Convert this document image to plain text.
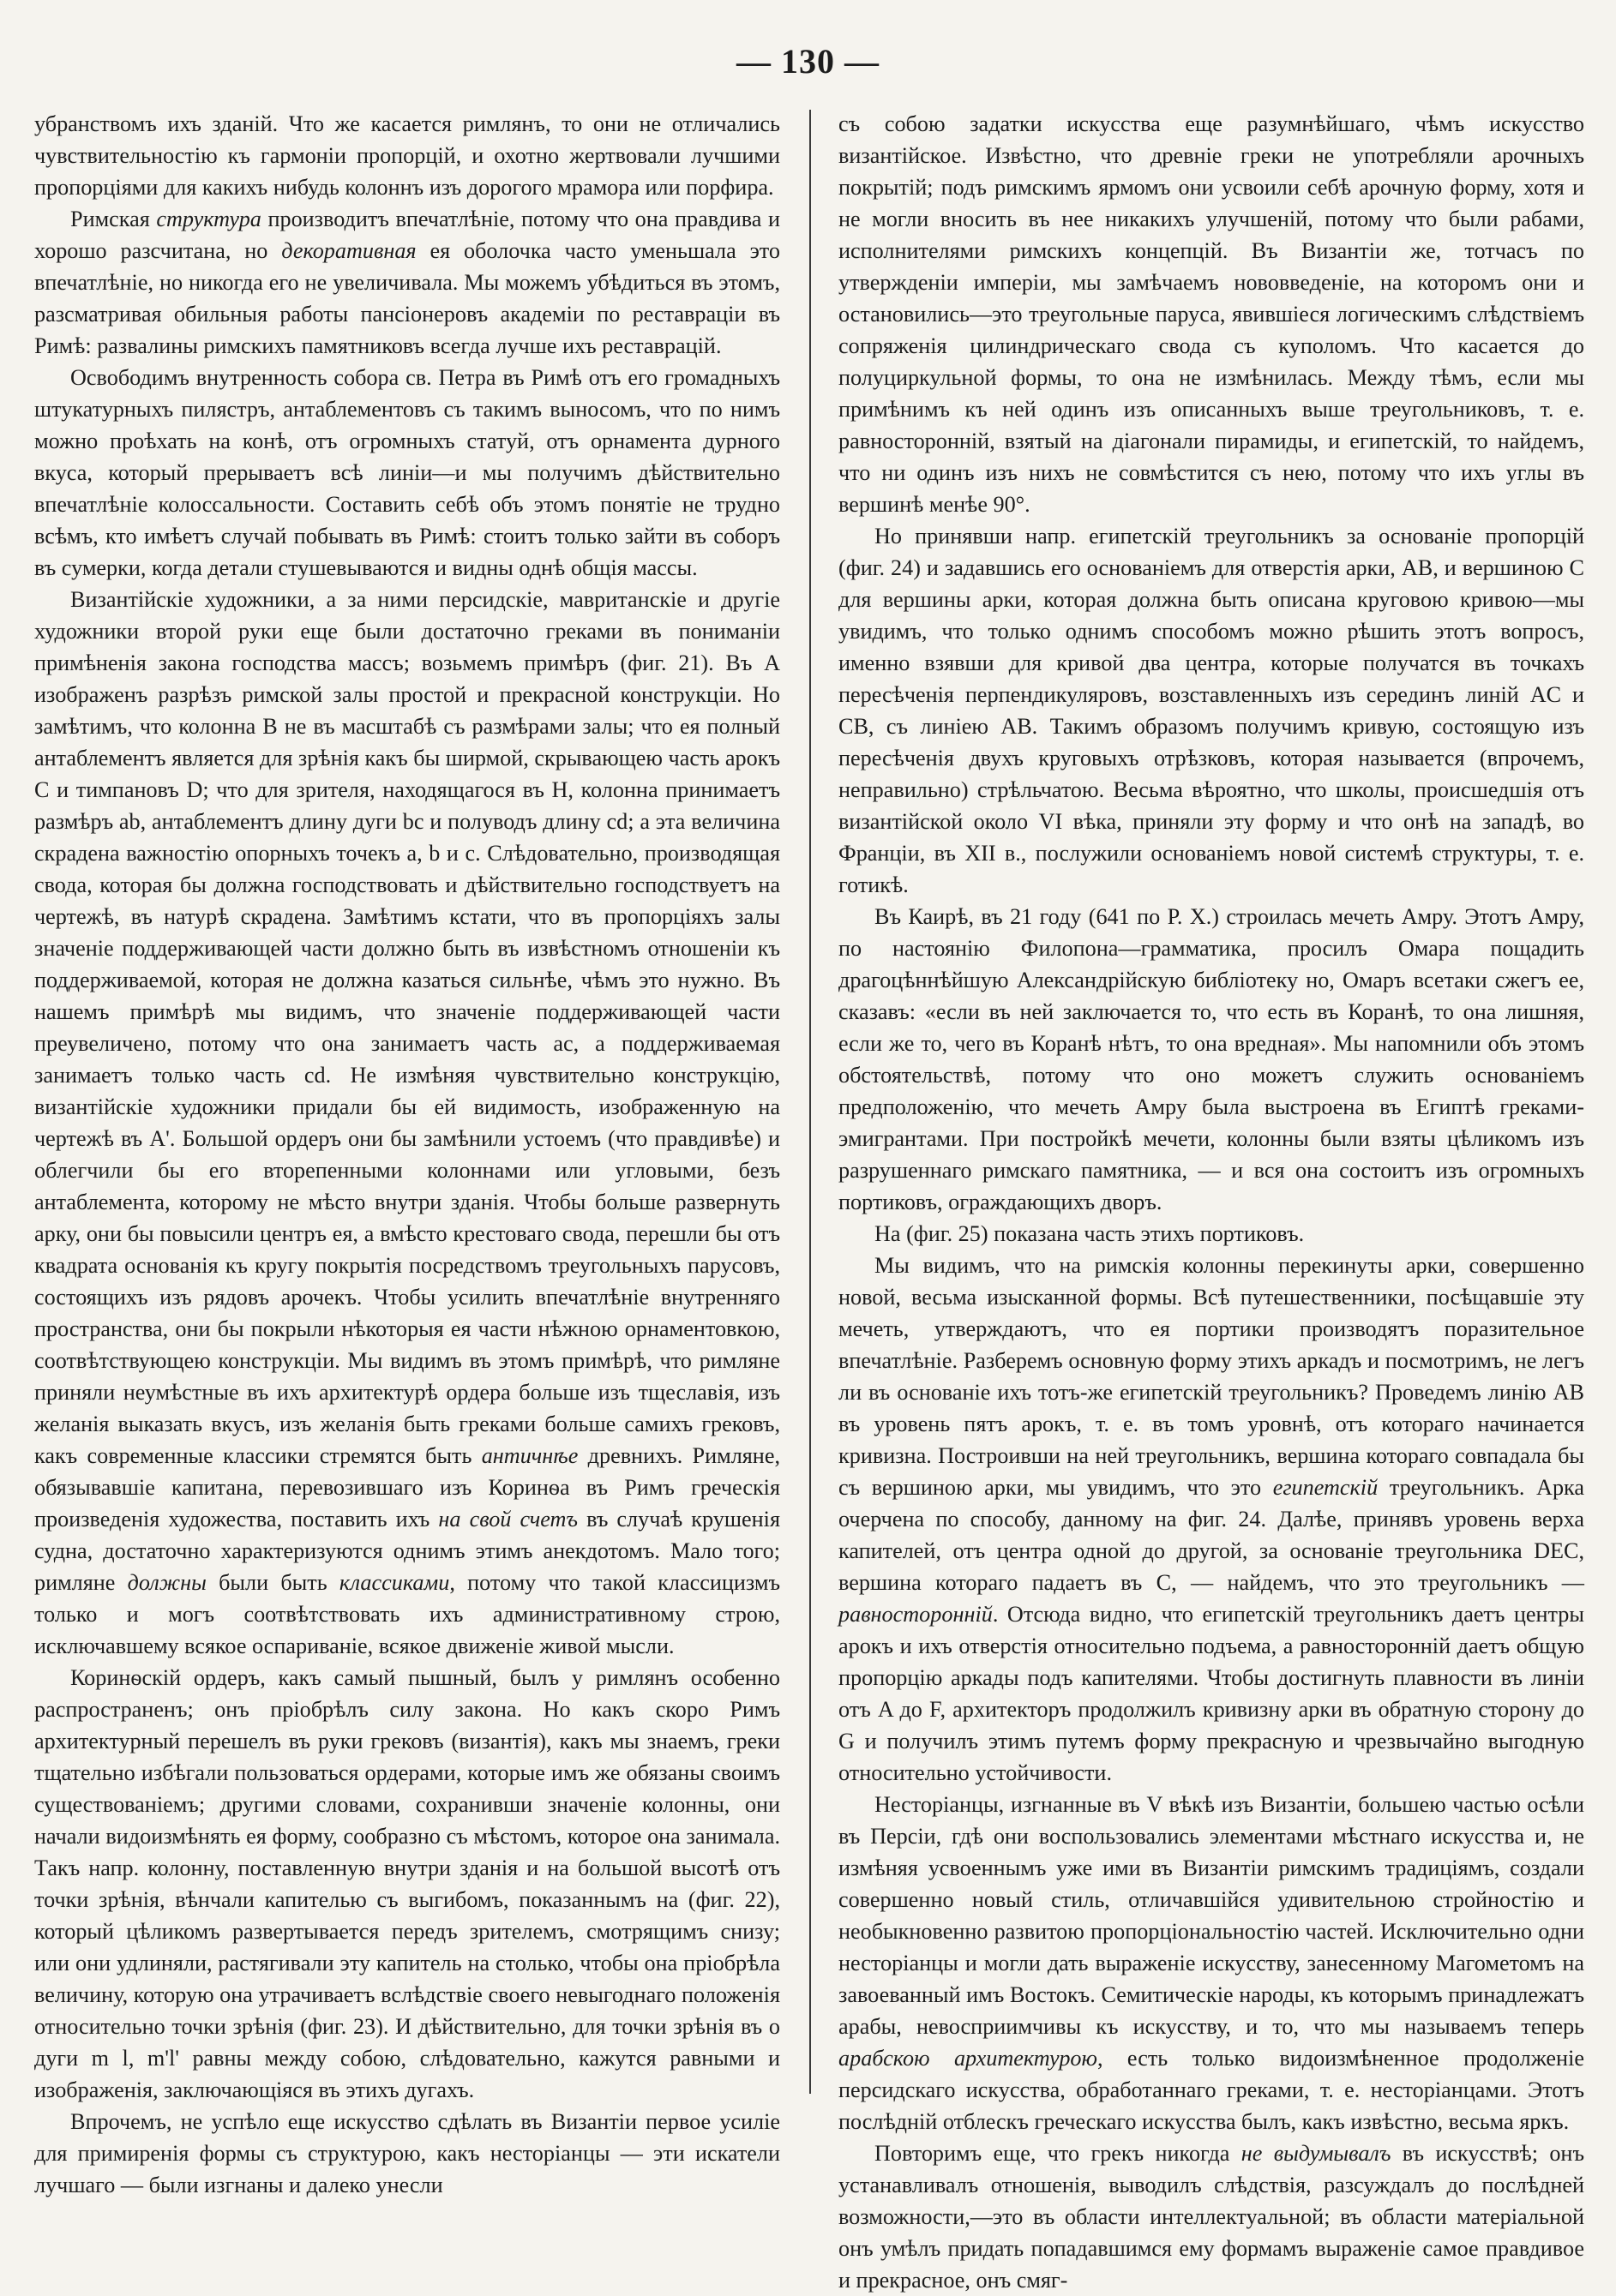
— 130 —

убранствомъ ихъ зданій. Что же касается римлянъ, то они не отличались чувствительностію къ гармоніи пропорцій, и охотно жертвовали лучшими пропорціями для какихъ нибудь колоннъ изъ дорогого мрамора или порфира.

Римская структура производитъ впечатлѣніе, потому что она правдива и хорошо разсчитана, но декоративная ея оболочка часто уменьшала это впечатлѣніе, но никогда его не увеличивала. Мы можемъ убѣдиться въ этомъ, разсматривая обильныя работы пансіонеровъ академіи по реставраціи въ Римѣ: развалины римскихъ памятниковъ всегда лучше ихъ реставрацій.

Освободимъ внутренность собора св. Петра въ Римѣ отъ его громадныхъ штукатурныхъ пилястръ, антаблементовъ съ такимъ выносомъ, что по нимъ можно проѣхать на конѣ, отъ огромныхъ статуй, отъ орнамента дурного вкуса, который прерываетъ всѣ линіи—и мы получимъ дѣйствительно впечатлѣніе колоссальности. Составить себѣ объ этомъ понятіе не трудно всѣмъ, кто имѣетъ случай побывать въ Римѣ: стоитъ только зайти въ соборъ въ сумерки, когда детали стушевываются и видны однѣ общія массы.

Византійскіе художники, а за ними персидскіе, мавританскіе и другіе художники второй руки еще были достаточно греками въ пониманіи примѣненія закона господства массъ; возьмемъ примѣръ (фиг. 21). Въ A изображенъ разрѣзъ римской залы простой и прекрасной конструкціи. Но замѣтимъ, что колонна B не въ масштабѣ съ размѣрами залы; что ея полный антаблементъ является для зрѣнія какъ бы ширмой, скрывающею часть арокъ C и тимпановъ D; что для зрителя, находящагося въ H, колонна принимаетъ размѣръ ab, антаблементъ длину дуги bc и полуводъ длину cd; а эта величина скрадена важностію опорныхъ точекъ a, b и c. Слѣдовательно, производящая свода, которая бы должна господствовать и дѣйствительно господствуетъ на чертежѣ, въ натурѣ скрадена. Замѣтимъ кстати, что въ пропорціяхъ залы значеніе поддерживающей части должно быть въ извѣстномъ отношеніи къ поддерживаемой, которая не должна казаться сильнѣе, чѣмъ это нужно. Въ нашемъ примѣрѣ мы видимъ, что значеніе поддерживающей части преувеличено, потому что она занимаетъ часть ac, а поддерживаемая занимаетъ только часть cd. Не измѣняя чувствительно конструкцію, византійскіе художники придали бы ей видимость, изображенную на чертежѣ въ A'. Большой ордеръ они бы замѣнили устоемъ (что правдивѣе) и облегчили бы его вторепенными колоннами или угловыми, безъ антаблемента, которому не мѣсто внутри зданія. Чтобы больше развернуть арку, они бы повысили центръ ея, а вмѣсто крестоваго свода, перешли бы отъ квадрата основанія къ кругу покрытія посредствомъ треугольныхъ парусовъ, состоящихъ изъ рядовъ арочекъ. Чтобы усилить впечатлѣніе внутренняго пространства, они бы покрыли нѣкоторыя ея части нѣжною орнаментовкою, соотвѣтствующею конструкціи. Мы видимъ въ этомъ примѣрѣ, что римляне приняли неумѣстные въ ихъ архитектурѣ ордера больше изъ тщеславія, изъ желанія выказать вкусъ, изъ желанія быть греками больше самихъ грековъ, какъ современные классики стремятся быть античнѣе древнихъ. Римляне, обязывавшіе капитана, перевозившаго изъ Коринѳа въ Римъ греческія произведенія художества, поставить ихъ на свой счетъ въ случаѣ крушенія судна, достаточно характеризуются однимъ этимъ анекдотомъ. Мало того; римляне должны были быть классиками, потому что такой классицизмъ только и могъ соотвѣтствовать ихъ административному строю, исключавшему всякое оспариваніе, всякое движеніе живой мысли.

Коринѳскій ордеръ, какъ самый пышный, былъ у римлянъ особенно распространенъ; онъ пріобрѣлъ силу закона. Но какъ скоро Римъ архитектурный перешелъ въ руки грековъ (византія), какъ мы знаемъ, греки тщательно избѣгали пользоваться ордерами, которые имъ же обязаны своимъ существованіемъ; другими словами, сохранивши значеніе колонны, они начали видоизмѣнять ея форму, сообразно съ мѣстомъ, которое она занимала. Такъ напр. колонну, поставленную внутри зданія и на большой высотѣ отъ точки зрѣнія, вѣнчали капителью съ выгибомъ, показаннымъ на (фиг. 22), который цѣликомъ развертывается передъ зрителемъ, смотрящимъ снизу; или они удлиняли, растягивали эту капитель на столько, чтобы она пріобрѣла величину, которую она утрачиваетъ вслѣдствіе своего невыгоднаго положенія относительно точки зрѣнія (фиг. 23). И дѣйствительно, для точки зрѣнія въ o дуги m l, m'l' равны между собою, слѣдовательно, кажутся равными и изображенія, заключающіяся въ этихъ дугахъ.

Впрочемъ, не успѣло еще искусство сдѣлать въ Византіи первое усиліе для примиренія формы съ структурою, какъ несторіанцы — эти искатели лучшаго — были изгнаны и далеко унесли

съ собою задатки искусства еще разумнѣйшаго, чѣмъ искусство византійское. Извѣстно, что древніе греки не употребляли арочныхъ покрытій; подъ римскимъ ярмомъ они усвоили себѣ арочную форму, хотя и не могли вносить въ нее никакихъ улучшеній, потому что были рабами, исполнителями римскихъ концепцій. Въ Византіи же, тотчасъ по утвержденіи имперіи, мы замѣчаемъ нововведеніе, на которомъ они и остановились—это треугольные паруса, явившіеся логическимъ слѣдствіемъ сопряженія цилиндрическаго свода съ куполомъ. Что касается до полуциркульной формы, то она не измѣнилась. Между тѣмъ, если мы примѣнимъ къ ней одинъ изъ описанныхъ выше треугольниковъ, т. е. равносторонній, взятый на діагонали пирамиды, и египетскій, то найдемъ, что ни одинъ изъ нихъ не совмѣстится съ нею, потому что ихъ углы въ вершинѣ менѣе 90°.

Но принявши напр. египетскій треугольникъ за основаніе пропорцій (фиг. 24) и задавшись его основаніемъ для отверстія арки, AB, и вершиною C для вершины арки, которая должна быть описана круговою кривою—мы увидимъ, что только однимъ способомъ можно рѣшить этотъ вопросъ, именно взявши для кривой два центра, которые получатся въ точкахъ пересѣченія перпендикуляровъ, возставленныхъ изъ серединъ линій AC и CB, съ линіею AB. Такимъ образомъ получимъ кривую, состоящую изъ пересѣченія двухъ круговыхъ отрѣзковъ, которая называется (впрочемъ, неправильно) стрѣльчатою. Весьма вѣроятно, что школы, происшедшія отъ византійской около VI вѣка, приняли эту форму и что онѣ на западѣ, во Франціи, въ XII в., послужили основаніемъ новой системѣ структуры, т. е. готикѣ.

Въ Каирѣ, въ 21 году (641 по Р. Х.) строилась мечеть Амру. Этотъ Амру, по настоянію Филопона—грамматика, просилъ Омара пощадить драгоцѣннѣйшую Александрійскую библіотеку но, Омаръ всетаки сжегъ ее, сказавъ: «если въ ней заключается то, что есть въ Коранѣ, то она лишняя, если же то, чего въ Коранѣ нѣтъ, то она вредная». Мы напомнили объ этомъ обстоятельствѣ, потому что оно можетъ служить основаніемъ предположенію, что мечеть Амру была выстроена въ Египтѣ греками-эмигрантами. При постройкѣ мечети, колонны были взяты цѣликомъ изъ разрушеннаго римскаго памятника, — и вся она состоитъ изъ огромныхъ портиковъ, ограждающихъ дворъ.

На (фиг. 25) показана часть этихъ портиковъ.

Мы видимъ, что на римскія колонны перекинуты арки, совершенно новой, весьма изысканной формы. Всѣ путешественники, посѣщавшіе эту мечеть, утверждаютъ, что ея портики производятъ поразительное впечатлѣніе. Разберемъ основную форму этихъ аркадъ и посмотримъ, не легъ ли въ основаніе ихъ тотъ-же египетскій треугольникъ? Проведемъ линію AB въ уровень пятъ арокъ, т. е. въ томъ уровнѣ, отъ котораго начинается кривизна. Построивши на ней треугольникъ, вершина котораго совпадала бы съ вершиною арки, мы увидимъ, что это египетскій треугольникъ. Арка очерчена по способу, данному на фиг. 24. Далѣе, принявъ уровень верха капителей, отъ центра одной до другой, за основаніе треугольника DEC, вершина котораго падаетъ въ C, — найдемъ, что это треугольникъ — равносторонній. Отсюда видно, что египетскій треугольникъ даетъ центры арокъ и ихъ отверстія относительно подъема, а равносторонній даетъ общую пропорцію аркады подъ капителями. Чтобы достигнуть плавности въ линіи отъ A до F, архитекторъ продолжилъ кривизну арки въ обратную сторону до G и получилъ этимъ путемъ форму прекрасную и чрезвычайно выгодную относительно устойчивости.

Несторіанцы, изгнанные въ V вѣкѣ изъ Византіи, большею частью осѣли въ Персіи, гдѣ они воспользовались элементами мѣстнаго искусства и, не измѣняя усвоеннымъ уже ими въ Византіи римскимъ традиціямъ, создали совершенно новый стиль, отличавшійся удивительною стройностію и необыкновенно развитою пропорціональностію частей. Исключительно одни несторіанцы и могли дать выраженіе искусству, занесенному Магометомъ на завоеванный имъ Востокъ. Семитическіе народы, къ которымъ принадлежатъ арабы, невосприимчивы къ искусству, и то, что мы называемъ теперь арабскою архитектурою, есть только видоизмѣненное продолженіе персидскаго искусства, обработаннаго греками, т. е. несторіанцами. Этотъ послѣдній отблескъ греческаго искусства былъ, какъ извѣстно, весьма яркъ.

Повторимъ еще, что грекъ никогда не выдумывалъ въ искусствѣ; онъ устанавливалъ отношенія, выводилъ слѣдствія, разсуждалъ до послѣдней возможности,—это въ области интеллектуальной; въ области матеріальной онъ умѣлъ придать попадавшимся ему формамъ выраженіе самое правдивое и прекрасное, онъ смяг-
